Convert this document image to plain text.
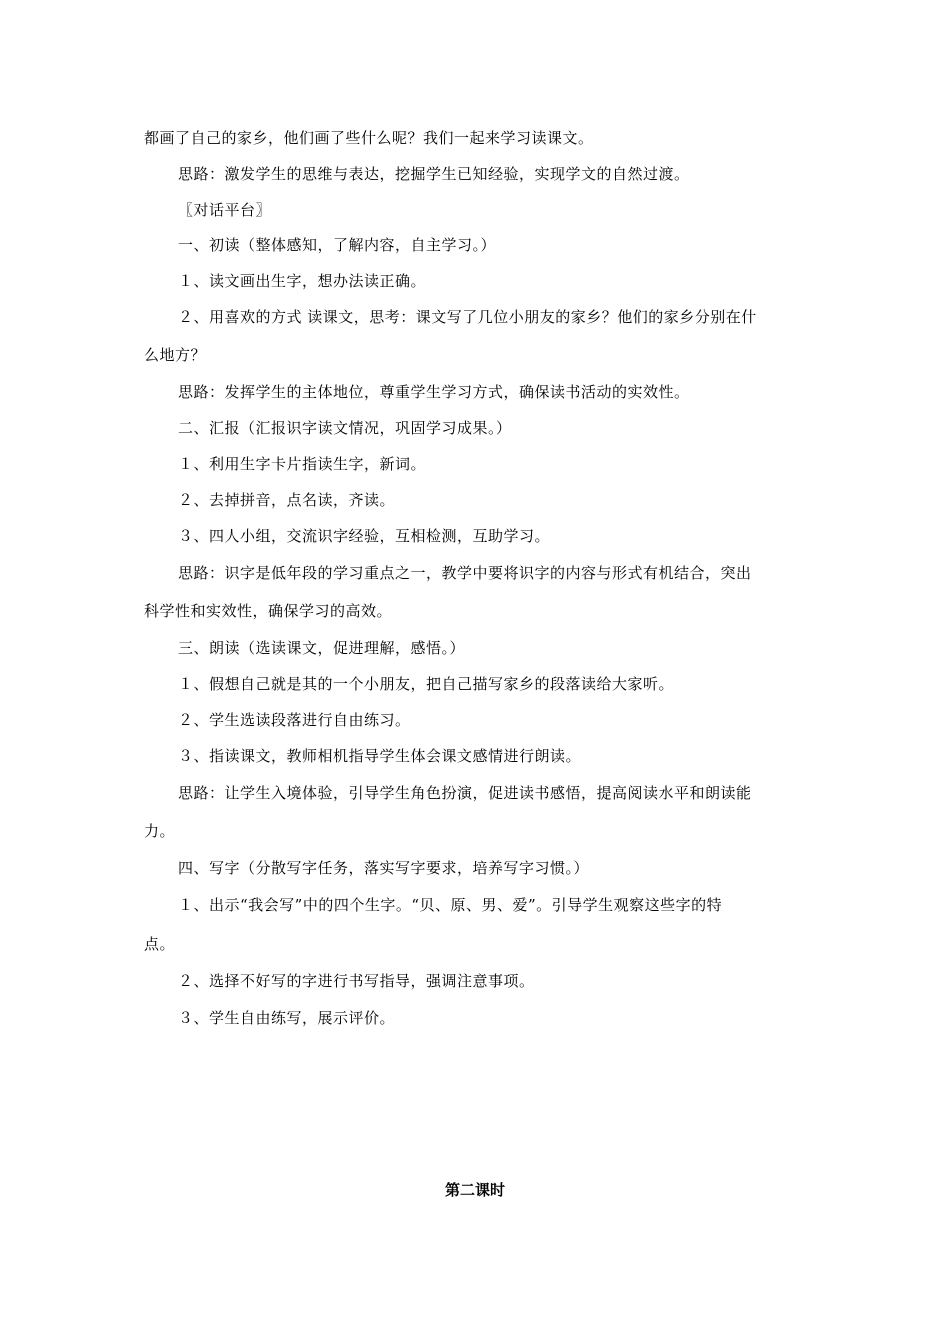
都画了自己的家乡，他们画了些什么呢？我们一起来学习读课文。
思路：激发学生的思维与表达，挖掘学生已知经验，实现学文的自然过渡。
〖对话平台〗
一、初读（整体感知，了解内容，自主学习。）
１、读文画出生字，想办法读正确。
２、用喜欢的方式 读课文，思考：课文写了几位小朋友的家乡？他们的家乡分别在什
么地方？
思路：发挥学生的主体地位，尊重学生学习方式，确保读书活动的实效性。
二、汇报（汇报识字读文情况，巩固学习成果。）
１、利用生字卡片指读生字，新词。
２、去掉拼音，点名读，齐读。
３、四人小组，交流识字经验，互相检测，互助学习。
思路：识字是低年段的学习重点之一，教学中要将识字的内容与形式有机结合，突出
科学性和实效性，确保学习的高效。
三、朗读（选读课文，促进理解，感悟。）
１、假想自己就是其的一个小朋友，把自己描写家乡的段落读给大家听。
２、学生选读段落进行自由练习。
３、指读课文，教师相机指导学生体会课文感情进行朗读。
思路：让学生入境体验，引导学生角色扮演，促进读书感悟，提高阅读水平和朗读能
力。
四、写字（分散写字任务，落实写字要求，培养写字习惯。）
１、出示“我会写”中的四个生字。“贝、原、男、爱”。引导学生观察这些字的特
点。
２、选择不好写的字进行书写指导，强调注意事项。
３、学生自由练写，展示评价。
第二课时
